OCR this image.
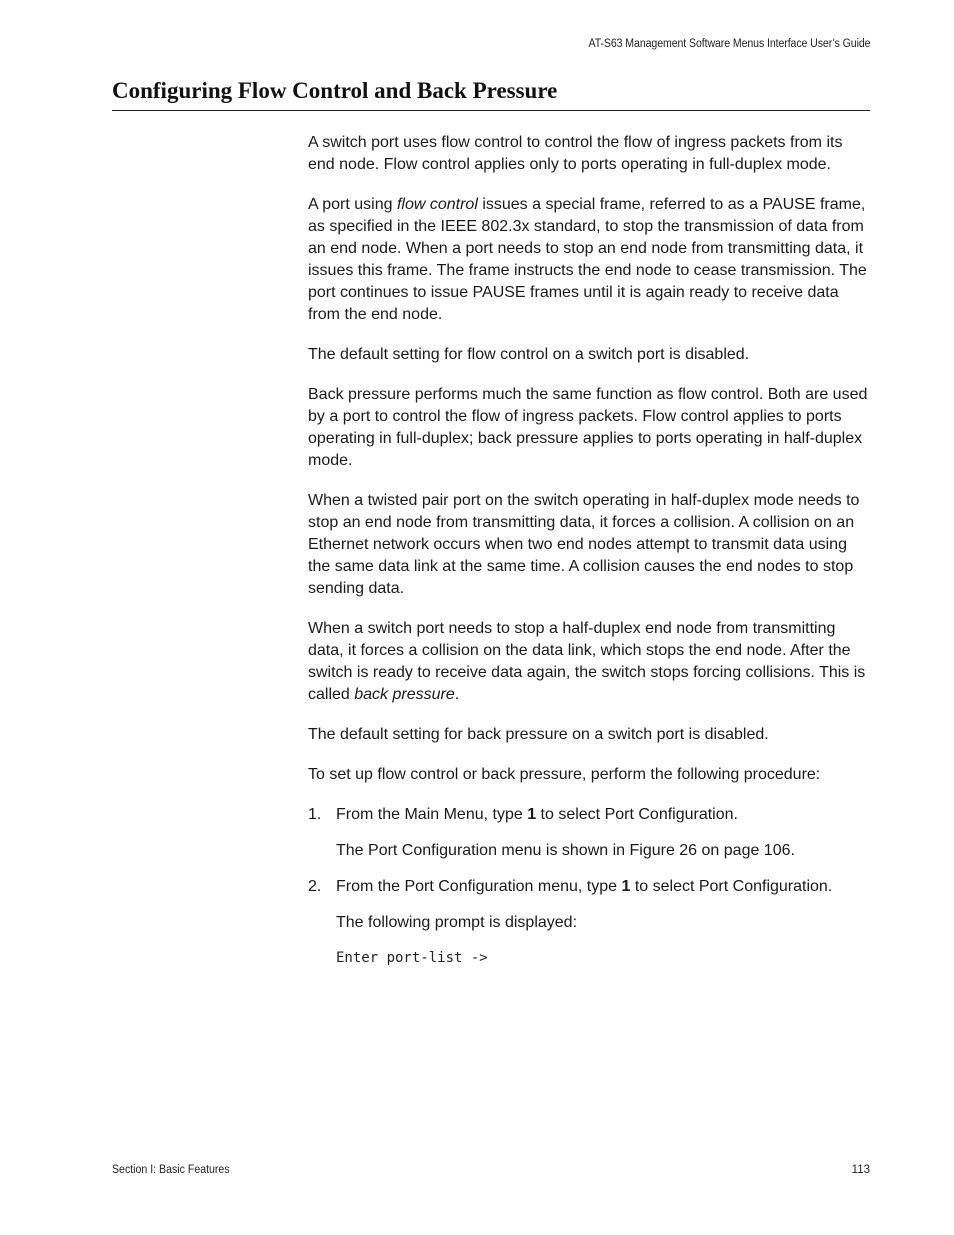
AT-S63 Management Software Menus Interface User’s Guide
Configuring Flow Control and Back Pressure

A switch port uses flow control to control the flow of ingress packets from its end node. Flow control applies only to ports operating in full-duplex mode.

A port using flow control issues a special frame, referred to as a PAUSE frame, as specified in the IEEE 802.3x standard, to stop the transmission of data from an end node. When a port needs to stop an end node from transmitting data, it issues this frame. The frame instructs the end node to cease transmission. The port continues to issue PAUSE frames until it is again ready to receive data from the end node.

The default setting for flow control on a switch port is disabled.

Back pressure performs much the same function as flow control. Both are used by a port to control the flow of ingress packets. Flow control applies to ports operating in full-duplex; back pressure applies to ports operating in half-duplex mode.

When a twisted pair port on the switch operating in half-duplex mode needs to stop an end node from transmitting data, it forces a collision. A collision on an Ethernet network occurs when two end nodes attempt to transmit data using the same data link at the same time. A collision causes the end nodes to stop sending data.

When a switch port needs to stop a half-duplex end node from transmitting data, it forces a collision on the data link, which stops the end node. After the switch is ready to receive data again, the switch stops forcing collisions. This is called back pressure.

The default setting for back pressure on a switch port is disabled.

To set up flow control or back pressure, perform the following procedure:

1. From the Main Menu, type 1 to select Port Configuration.

The Port Configuration menu is shown in Figure 26 on page 106.

2. From the Port Configuration menu, type 1 to select Port Configuration.

The following prompt is displayed:

Enter port-list ->
Section I: Basic Features	113
